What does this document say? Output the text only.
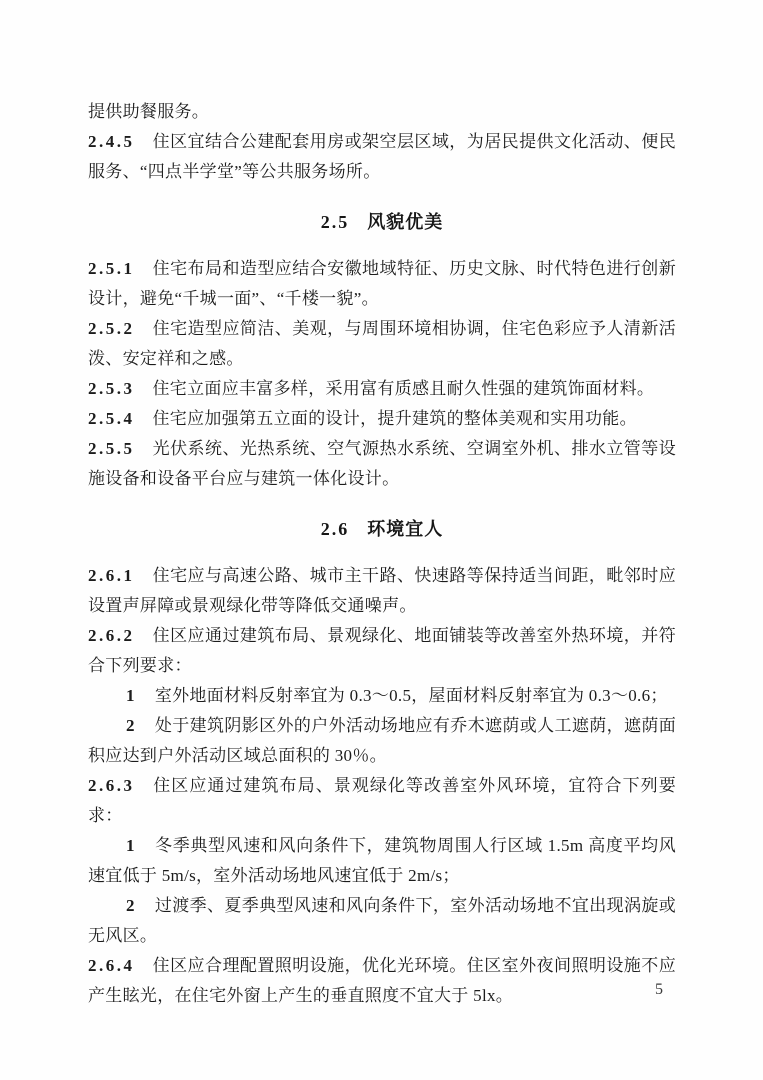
提供助餐服务。

2.4.5 住区宜结合公建配套用房或架空层区域，为居民提供文化活动、便民服务、“四点半学堂”等公共服务场所。

2.5 风貌优美

2.5.1 住宅布局和造型应结合安徽地域特征、历史文脉、时代特色进行创新设计，避免“千城一面”、“千楼一貌”。

2.5.2 住宅造型应简洁、美观，与周围环境相协调，住宅色彩应予人清新活泼、安定祥和之感。

2.5.3 住宅立面应丰富多样，采用富有质感且耐久性强的建筑饰面材料。

2.5.4 住宅应加强第五立面的设计，提升建筑的整体美观和实用功能。

2.5.5 光伏系统、光热系统、空气源热水系统、空调室外机、排水立管等设施设备和设备平台应与建筑一体化设计。

2.6 环境宜人

2.6.1 住宅应与高速公路、城市主干路、快速路等保持适当间距，毗邻时应设置声屏障或景观绿化带等降低交通噪声。

2.6.2 住区应通过建筑布局、景观绿化、地面铺装等改善室外热环境，并符合下列要求：

1 室外地面材料反射率宜为 0.3～0.5，屋面材料反射率宜为 0.3～0.6；

2 处于建筑阴影区外的户外活动场地应有乔木遮荫或人工遮荫，遮荫面积应达到户外活动区域总面积的 30％。

2.6.3 住区应通过建筑布局、景观绿化等改善室外风环境，宜符合下列要求：

1 冬季典型风速和风向条件下，建筑物周围人行区域 1.5m 高度平均风速宜低于 5m/s，室外活动场地风速宜低于 2m/s；

2 过渡季、夏季典型风速和风向条件下，室外活动场地不宜出现涡旋或无风区。

2.6.4 住区应合理配置照明设施，优化光环境。住区室外夜间照明设施不应产生眩光，在住宅外窗上产生的垂直照度不宜大于 5lx。	5
